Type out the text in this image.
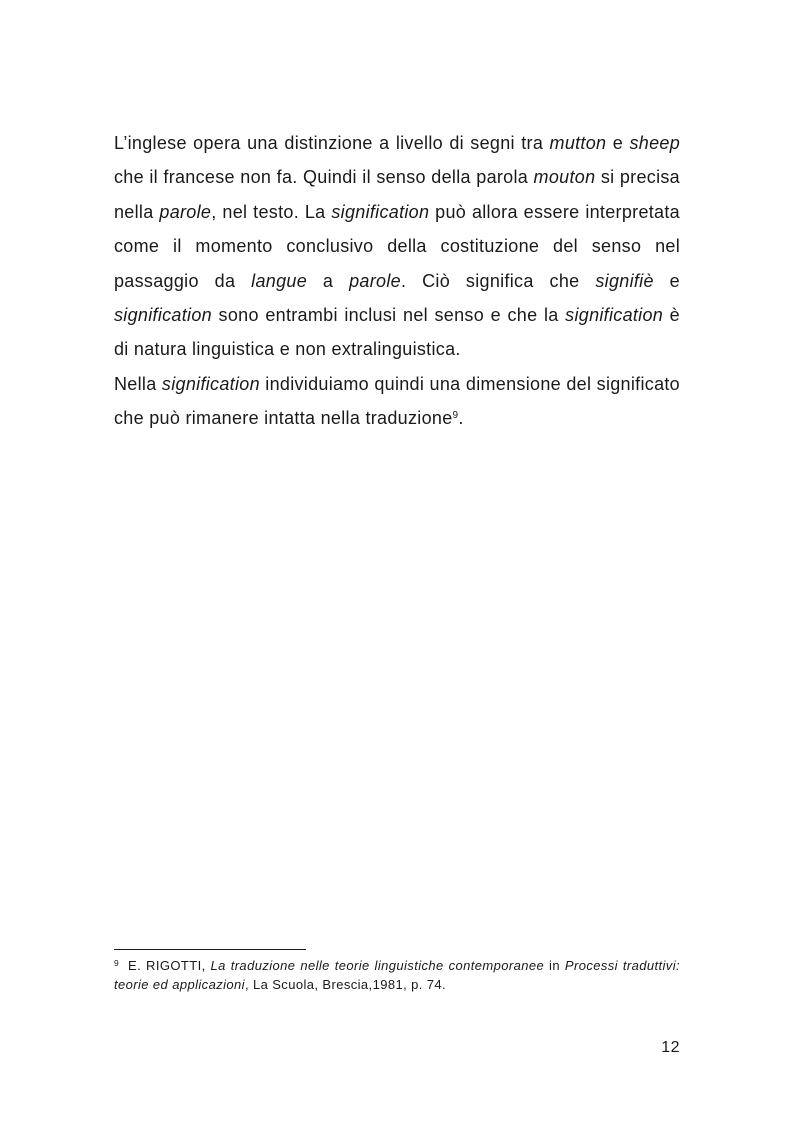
L’inglese opera una distinzione a livello di segni tra mutton e sheep che il francese non fa. Quindi il senso della parola mouton si precisa nella parole, nel testo. La signification può allora essere interpretata come il momento conclusivo della costituzione del senso nel passaggio da langue a parole. Ciò significa che signifiè e signification sono entrambi inclusi nel senso e che la signification è di natura linguistica e non extralinguistica.

Nella signification individuiamo quindi una dimensione del significato che può rimanere intatta nella traduzione$^9$.

$^9$ E. RIGOTTI, La traduzione nelle teorie linguistiche contemporanee in Processi traduttivi: teorie ed applicazioni, La Scuola, Brescia,1981, p. 74.
12
